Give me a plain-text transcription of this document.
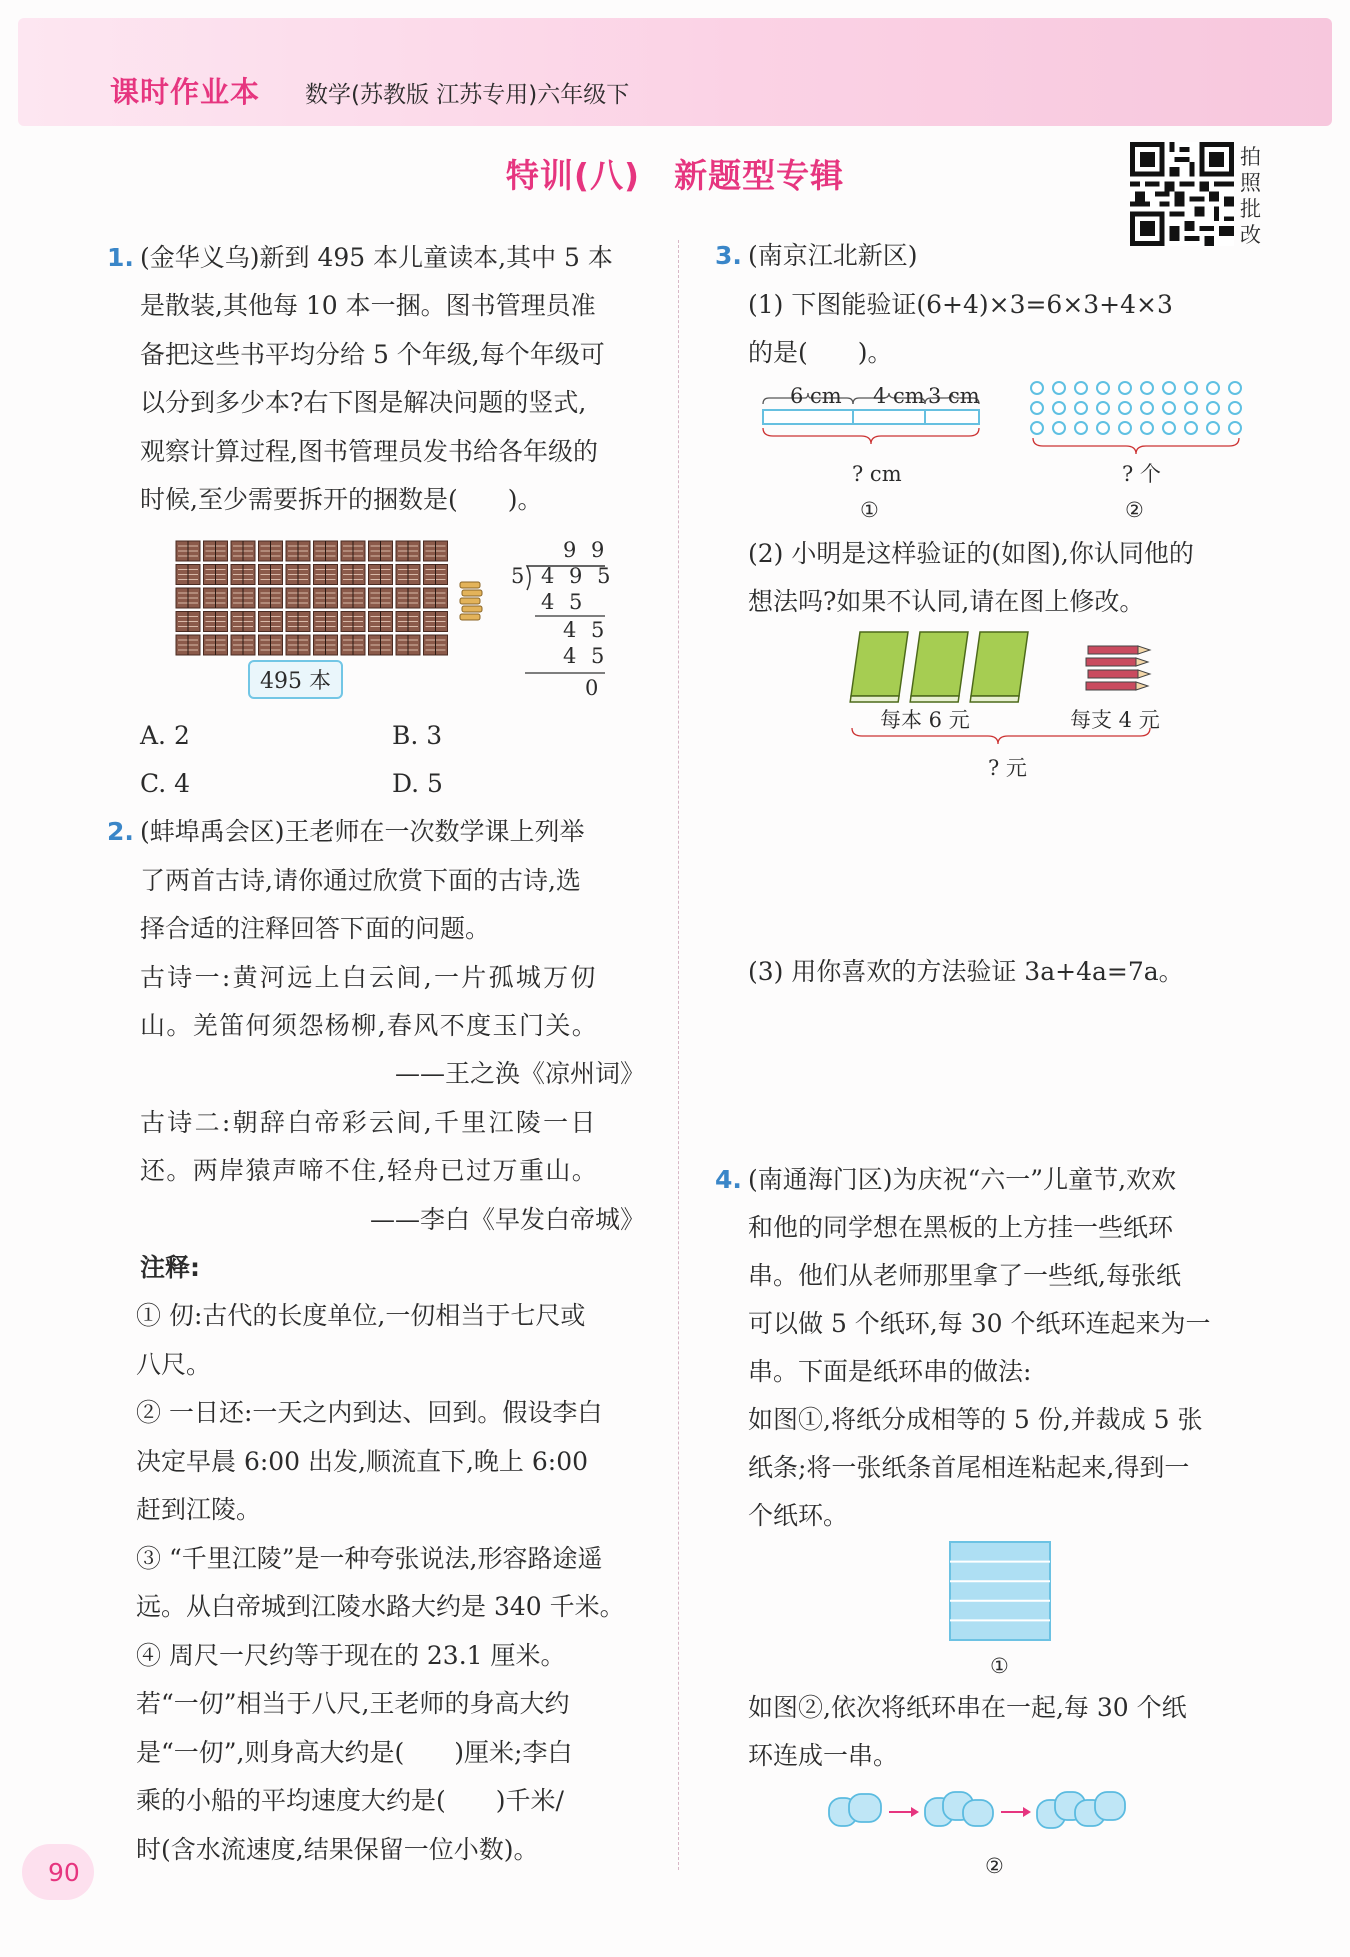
课时作业本 数学(苏教版 江苏专用)六年级下
特训(八)　新题型专辑	拍照批改
1. (金华义乌)新到 495 本儿童读本,其中 5 本
是散装,其他每 10 本一捆。图书管理员准
备把这些书平均分给 5 个年级,每个年级可
以分到多少本?右下图是解决问题的竖式,
观察计算过程,图书管理员发书给各年级的
时候,至少需要拆开的捆数是(　　)。
495 本
9 9
5 4 9 5
4 5
4 5
4 5
0
A. 2	B. 3
C. 4	D. 5
2. (蚌埠禹会区)王老师在一次数学课上列举
了两首古诗,请你通过欣赏下面的古诗,选
择合适的注释回答下面的问题。
古诗一:黄河远上白云间,一片孤城万仞
山。羌笛何须怨杨柳,春风不度玉门关。
——王之涣《凉州词》
古诗二:朝辞白帝彩云间,千里江陵一日
还。两岸猿声啼不住,轻舟已过万重山。
——李白《早发白帝城》
注释:
① 仞:古代的长度单位,一仞相当于七尺或
八尺。
② 一日还:一天之内到达、回到。假设李白
决定早晨 6:00 出发,顺流直下,晚上 6:00
赶到江陵。
③ “千里江陵”是一种夸张说法,形容路途遥
远。从白帝城到江陵水路大约是 340 千米。
④ 周尺一尺约等于现在的 23.1 厘米。
若“一仞”相当于八尺,王老师的身高大约
是“一仞”,则身高大约是(　　)厘米;李白
乘的小船的平均速度大约是(　　)千米/
时(含水流速度,结果保留一位小数)。
3. (南京江北新区)
(1) 下图能验证(6+4)×3=6×3+4×3
的是(　　)。
6 cm 4 cm 3 cm
? cm
①
? 个
②
(2) 小明是这样验证的(如图),你认同他的
想法吗?如果不认同,请在图上修改。
每本 6 元	每支 4 元
? 元
(3) 用你喜欢的方法验证 3a+4a=7a。
4. (南通海门区)为庆祝“六一”儿童节,欢欢
和他的同学想在黑板的上方挂一些纸环
串。他们从老师那里拿了一些纸,每张纸
可以做 5 个纸环,每 30 个纸环连起来为一
串。下面是纸环串的做法:
如图①,将纸分成相等的 5 份,并裁成 5 张
纸条;将一张纸条首尾相连粘起来,得到一
个纸环。
①
如图②,依次将纸环串在一起,每 30 个纸
环连成一串。
②
90
